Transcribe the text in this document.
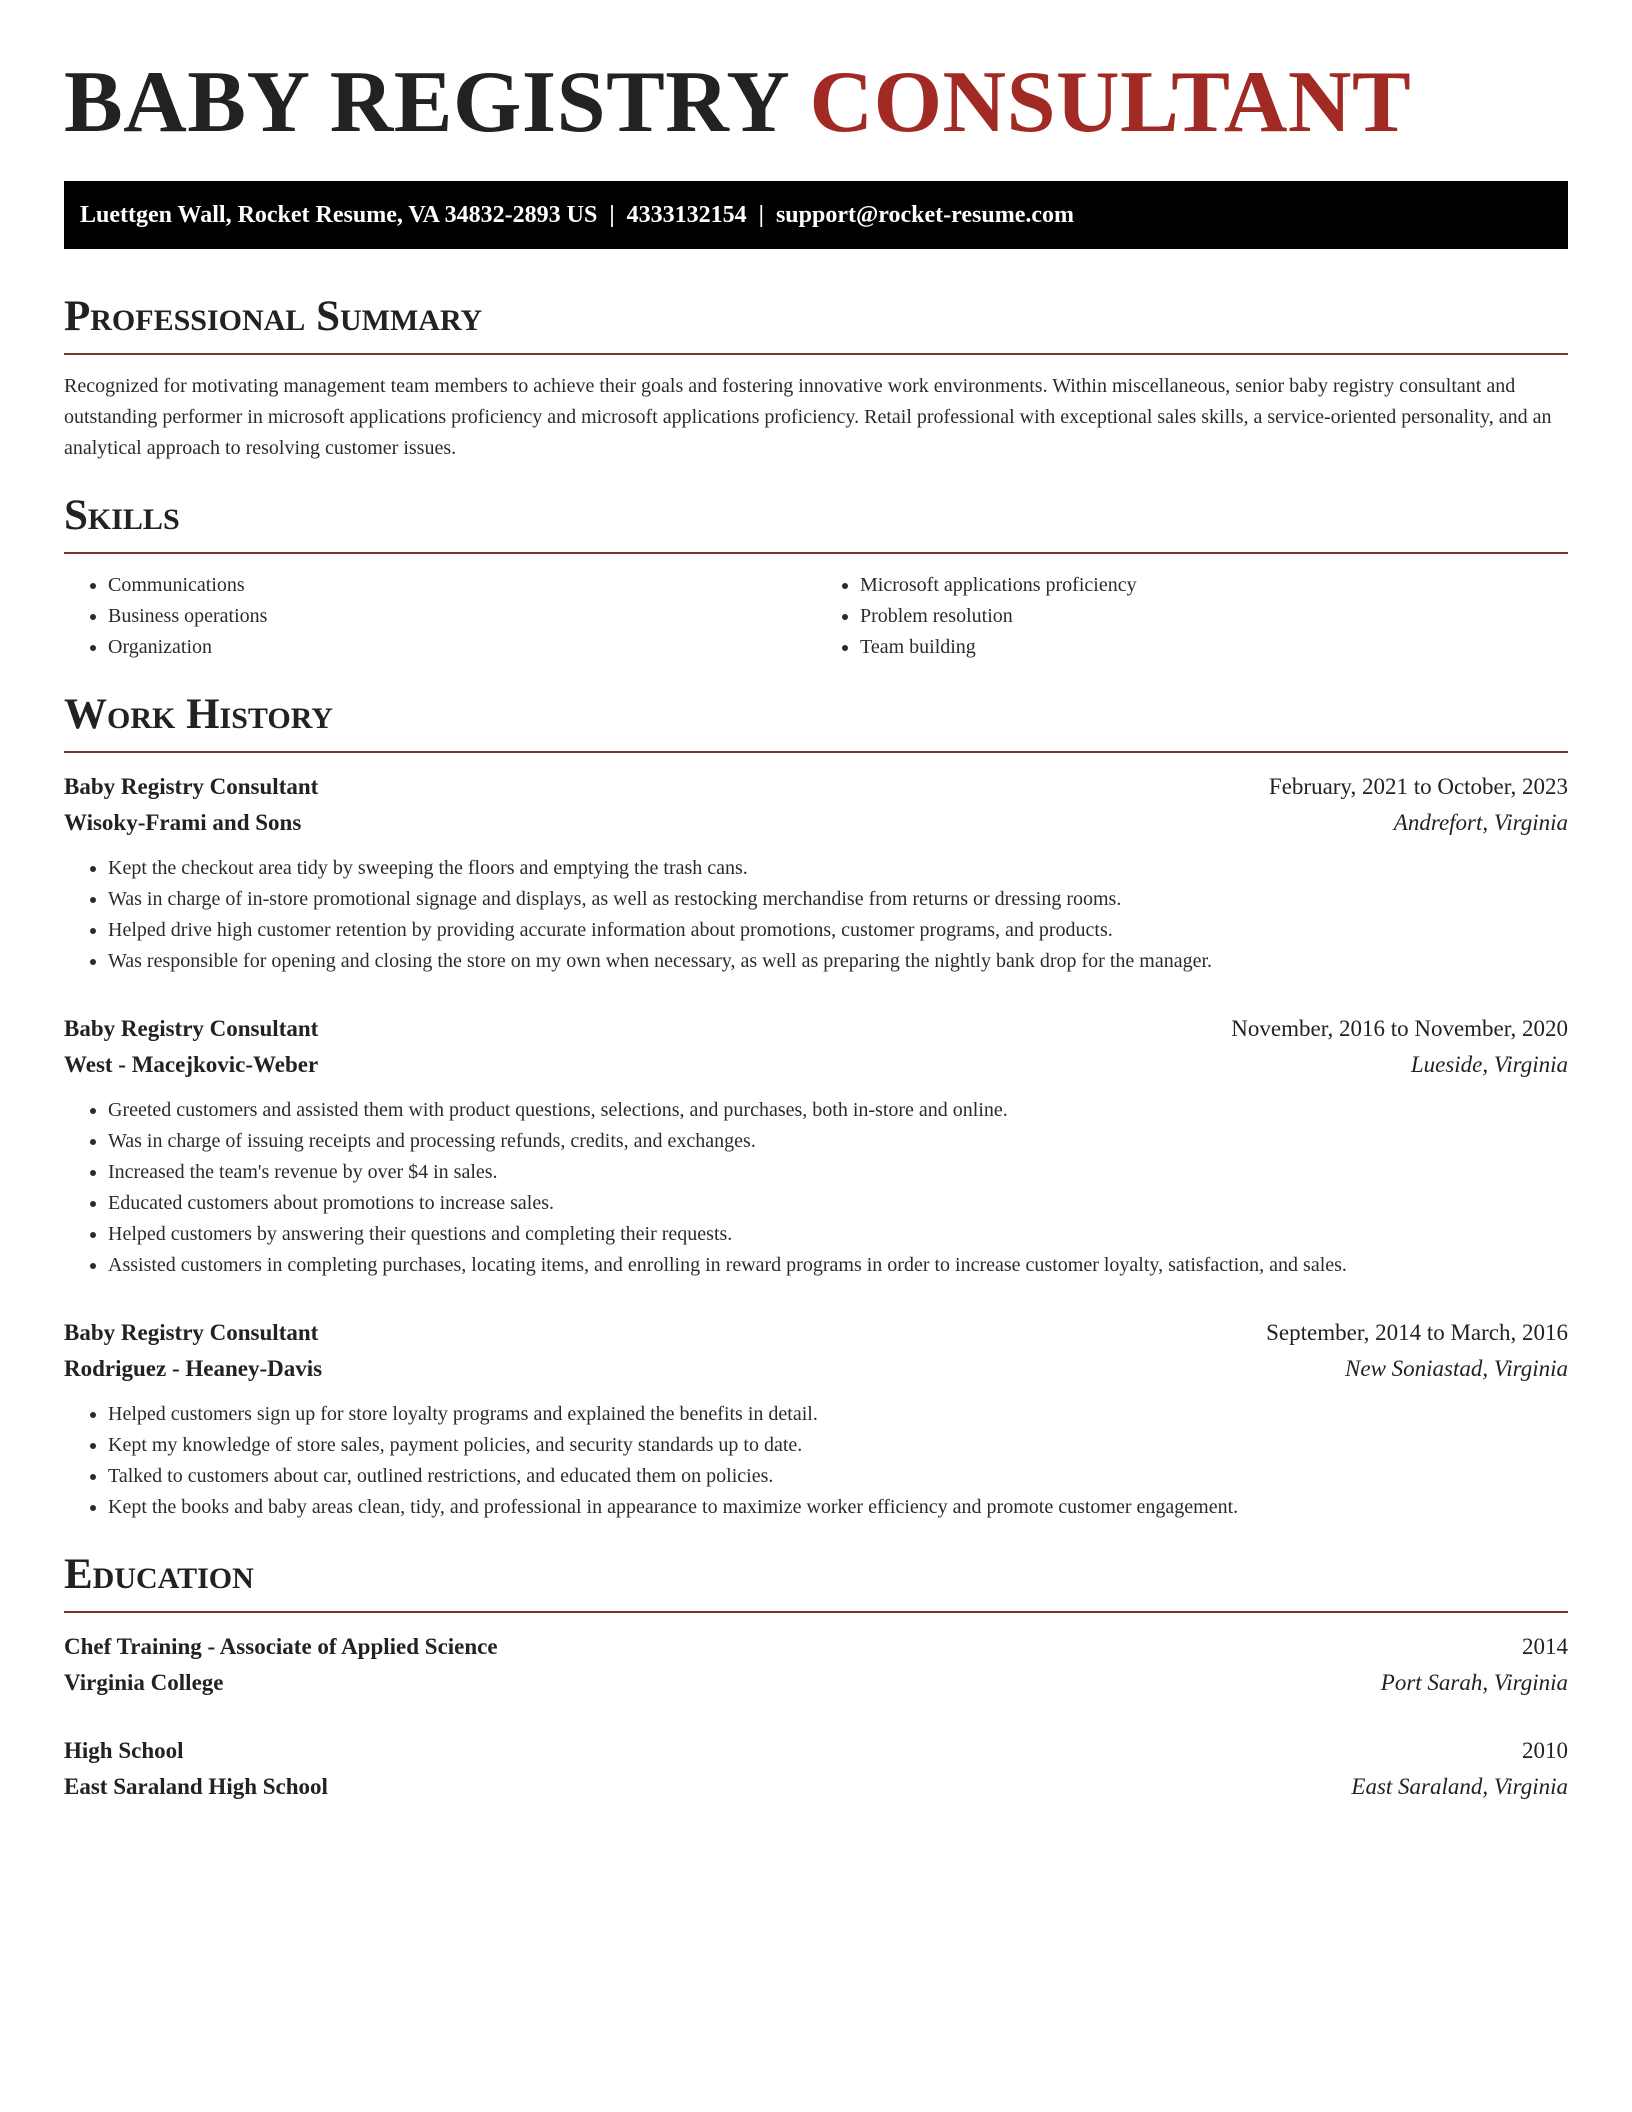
BABY REGISTRY CONSULTANT
Luettgen Wall, Rocket Resume, VA 34832-2893 US | 4333132154 | support@rocket-resume.com
Professional Summary

Recognized for motivating management team members to achieve their goals and fostering innovative work environments. Within miscellaneous, senior baby registry consultant and outstanding performer in microsoft applications proficiency and microsoft applications proficiency. Retail professional with exceptional sales skills, a service-oriented personality, and an analytical approach to resolving customer issues.

Skills
• Communications
• Business operations
• Organization
• Microsoft applications proficiency
• Problem resolution
• Team building
Work History
Baby Registry Consultant	February, 2021 to October, 2023
Wisoky-Frami and Sons	Andrefort, Virginia
• Kept the checkout area tidy by sweeping the floors and emptying the trash cans.
• Was in charge of in-store promotional signage and displays, as well as restocking merchandise from returns or dressing rooms.
• Helped drive high customer retention by providing accurate information about promotions, customer programs, and products.
• Was responsible for opening and closing the store on my own when necessary, as well as preparing the nightly bank drop for the manager.
Baby Registry Consultant	November, 2016 to November, 2020
West - Macejkovic-Weber	Lueside, Virginia
• Greeted customers and assisted them with product questions, selections, and purchases, both in-store and online.
• Was in charge of issuing receipts and processing refunds, credits, and exchanges.
• Increased the team's revenue by over $4 in sales.
• Educated customers about promotions to increase sales.
• Helped customers by answering their questions and completing their requests.
• Assisted customers in completing purchases, locating items, and enrolling in reward programs in order to increase customer loyalty, satisfaction, and sales.
Baby Registry Consultant	September, 2014 to March, 2016
Rodriguez - Heaney-Davis	New Soniastad, Virginia
• Helped customers sign up for store loyalty programs and explained the benefits in detail.
• Kept my knowledge of store sales, payment policies, and security standards up to date.
• Talked to customers about car, outlined restrictions, and educated them on policies.
• Kept the books and baby areas clean, tidy, and professional in appearance to maximize worker efficiency and promote customer engagement.
Education
Chef Training - Associate of Applied Science	2014
Virginia College	Port Sarah, Virginia
High School	2010
East Saraland High School	East Saraland, Virginia
